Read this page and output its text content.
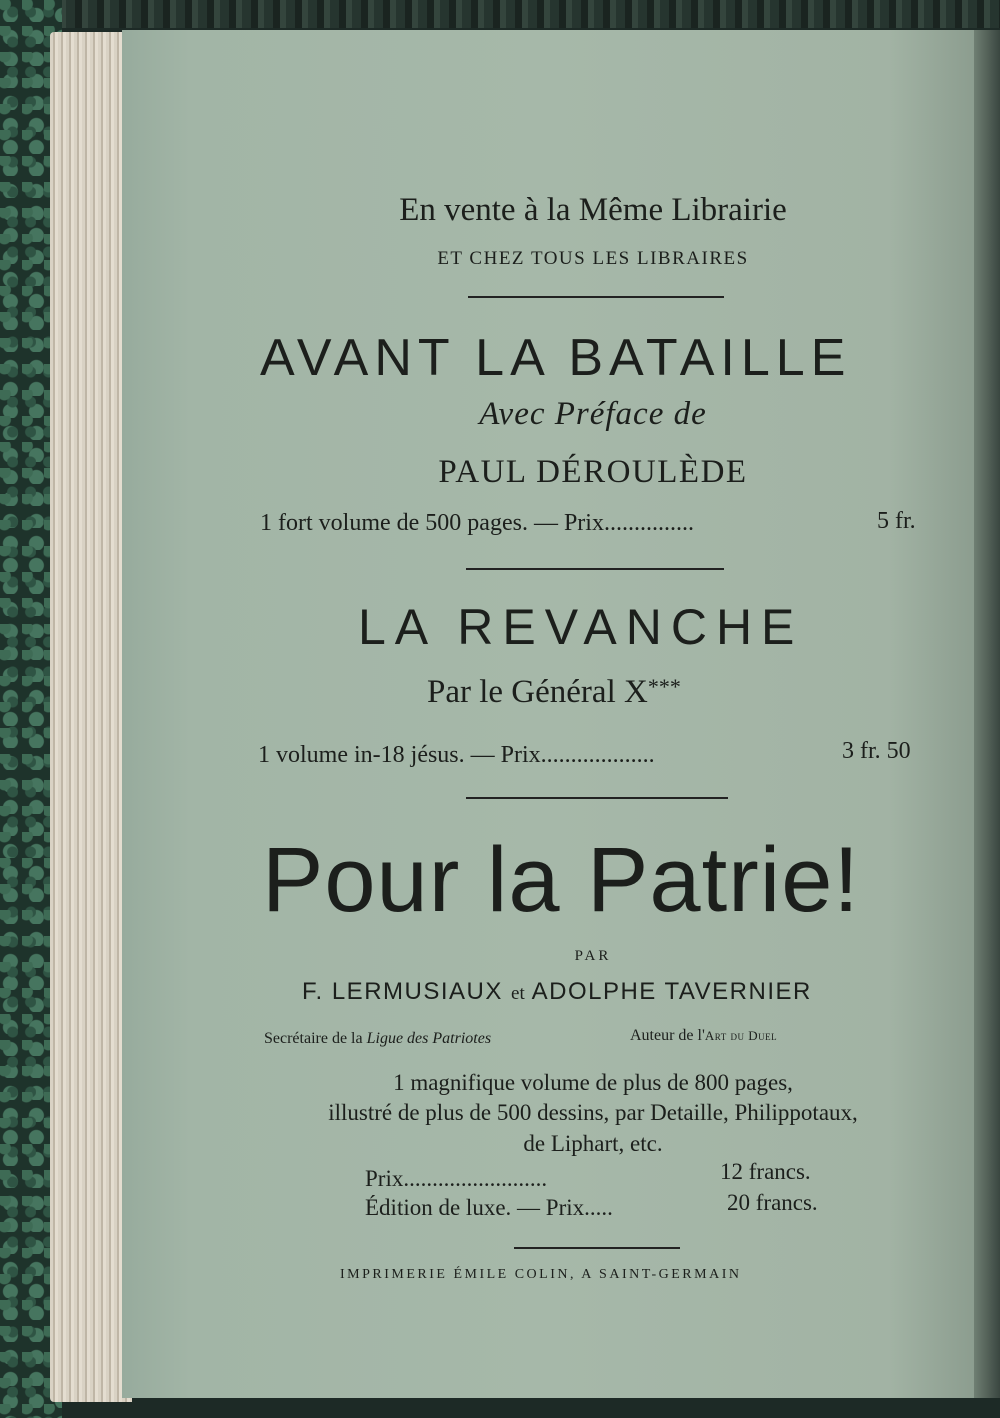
En vente à la Même Librairie
ET CHEZ TOUS LES LIBRAIRES
AVANT LA BATAILLE
Avec Préface de
PAUL DÉROULÈDE
1 fort volume de 500 pages. — Prix...............	5 fr.
LA REVANCHE
Par le Général X***
1 volume in-18 jésus. — Prix...................	3 fr. 50
Pour la Patrie!
PAR
F. LERMUSIAUX et ADOLPHE TAVERNIER
Secrétaire de la Ligue des Patriotes	Auteur de l'Art du Duel
1 magnifique volume de plus de 800 pages,
illustré de plus de 500 dessins, par Detaille, Philippotaux,
de Liphart, etc.
Prix.........................	12 francs.
Édition de luxe. — Prix.....	20 francs.
IMPRIMERIE ÉMILE COLIN, A SAINT-GERMAIN
